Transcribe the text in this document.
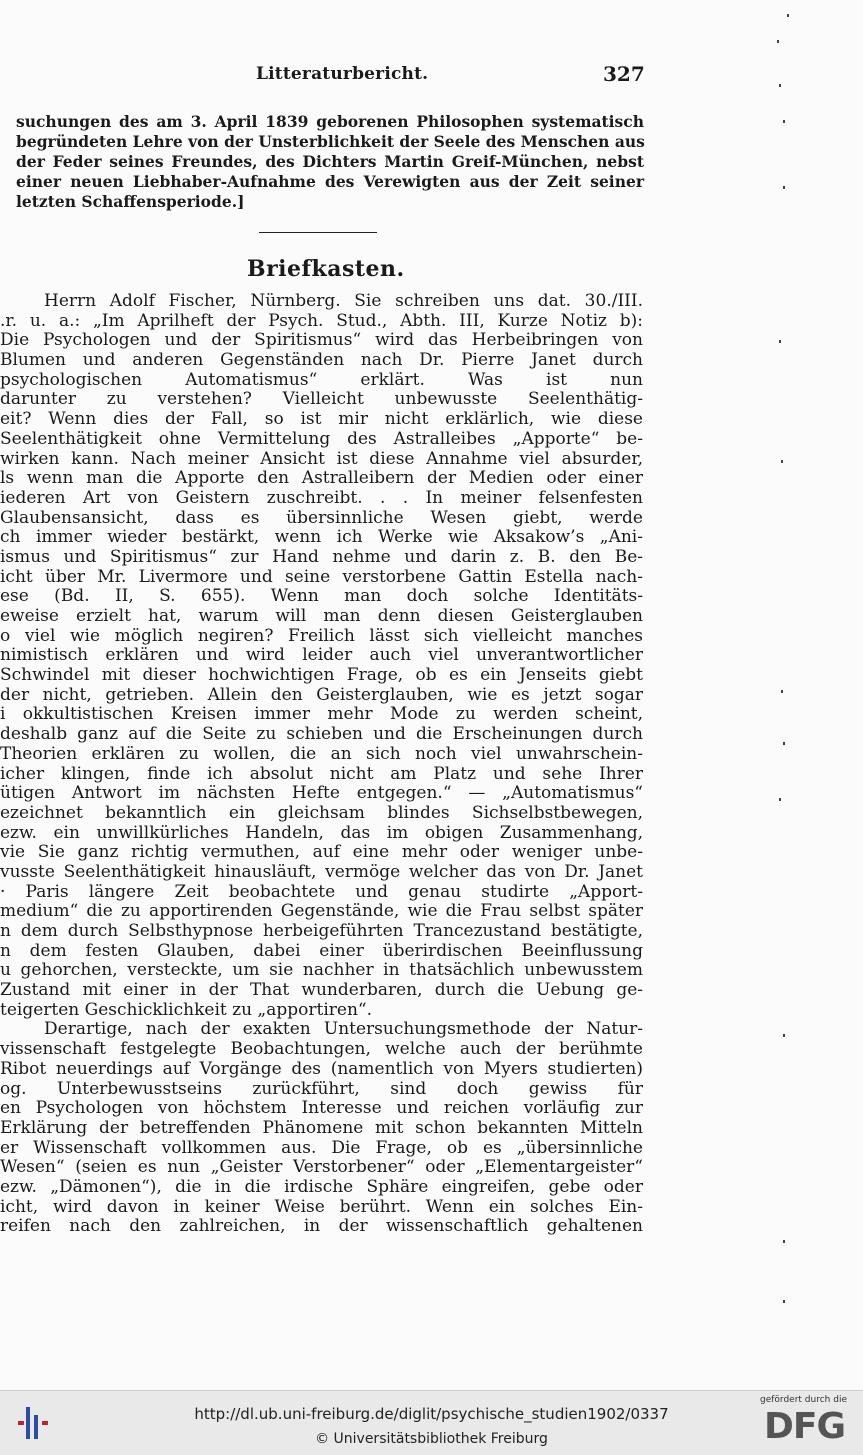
Litteraturbericht.	327
suchungen des am 3. April 1839 geborenen Philosophen systematisch
begründeten Lehre von der Unsterblichkeit der Seele des Menschen aus
der Feder seines Freundes, des Dichters Martin Greif-München, nebst
einer neuen Liebhaber-Aufnahme des Verewigten aus der Zeit seiner
letzten Schaffensperiode.]
Briefkasten.
Herrn Adolf Fischer, Nürnberg. Sie schreiben uns dat. 30./III.
.r. u. a.: „Im Aprilheft der Psych. Stud., Abth. III, Kurze Notiz b):
Die Psychologen und der Spiritismus“ wird das Herbeibringen von
Blumen und anderen Gegenständen nach Dr. Pierre Janet durch
psychologischen Automatismus“ erklärt. Was ist nun
darunter zu verstehen? Vielleicht unbewusste Seelenthätig-
eit? Wenn dies der Fall, so ist mir nicht erklärlich, wie diese
Seelenthätigkeit ohne Vermittelung des Astralleibes „Apporte“ be-
wirken kann. Nach meiner Ansicht ist diese Annahme viel absurder,
ls wenn man die Apporte den Astralleibern der Medien oder einer
iederen Art von Geistern zuschreibt. . . In meiner felsenfesten
Glaubensansicht, dass es übersinnliche Wesen giebt, werde
ch immer wieder bestärkt, wenn ich Werke wie Aksakow’s „Ani-
ismus und Spiritismus“ zur Hand nehme und darin z. B. den Be-
icht über Mr. Livermore und seine verstorbene Gattin Estella nach-
ese (Bd. II, S. 655). Wenn man doch solche Identitäts-
eweise erzielt hat, warum will man denn diesen Geisterglauben
o viel wie möglich negiren? Freilich lässt sich vielleicht manches
nimistisch erklären und wird leider auch viel unverantwortlicher
Schwindel mit dieser hochwichtigen Frage, ob es ein Jenseits giebt
der nicht, getrieben. Allein den Geisterglauben, wie es jetzt sogar
i okkultistischen Kreisen immer mehr Mode zu werden scheint,
deshalb ganz auf die Seite zu schieben und die Erscheinungen durch
Theorien erklären zu wollen, die an sich noch viel unwahrschein-
icher klingen, finde ich absolut nicht am Platz und sehe Ihrer
ütigen Antwort im nächsten Hefte entgegen.“ — „Automatismus“
ezeichnet bekanntlich ein gleichsam blindes Sichselbstbewegen,
ezw. ein unwillkürliches Handeln, das im obigen Zusammenhang,
vie Sie ganz richtig vermuthen, auf eine mehr oder weniger unbe-
vusste Seelenthätigkeit hinausläuft, vermöge welcher das von Dr. Janet
· Paris längere Zeit beobachtete und genau studirte „Apport-
medium“ die zu apportirenden Gegenstände, wie die Frau selbst später
n dem durch Selbsthypnose herbeigeführten Trancezustand bestätigte,
n dem festen Glauben, dabei einer überirdischen Beeinflussung
u gehorchen, versteckte, um sie nachher in thatsächlich unbewusstem
Zustand mit einer in der That wunderbaren, durch die Uebung ge-
teigerten Geschicklichkeit zu „apportiren“.
Derartige, nach der exakten Untersuchungsmethode der Natur-
vissenschaft festgelegte Beobachtungen, welche auch der berühmte
Ribot neuerdings auf Vorgänge des (namentlich von Myers studierten)
og. Unterbewusstseins zurückführt, sind doch gewiss für
en Psychologen von höchstem Interesse und reichen vorläufig zur
Erklärung der betreffenden Phänomene mit schon bekannten Mitteln
er Wissenschaft vollkommen aus. Die Frage, ob es „übersinnliche
Wesen“ (seien es nun „Geister Verstorbener“ oder „Elementargeister“
ezw. „Dämonen“), die in die irdische Sphäre eingreifen, gebe oder
icht, wird davon in keiner Weise berührt. Wenn ein solches Ein-
reifen nach den zahlreichen, in der wissenschaftlich gehaltenen
http://dl.ub.uni-freiburg.de/diglit/psychische_studien1902/0337
© Universitätsbibliothek Freiburg
gefördert durch die
DFG
